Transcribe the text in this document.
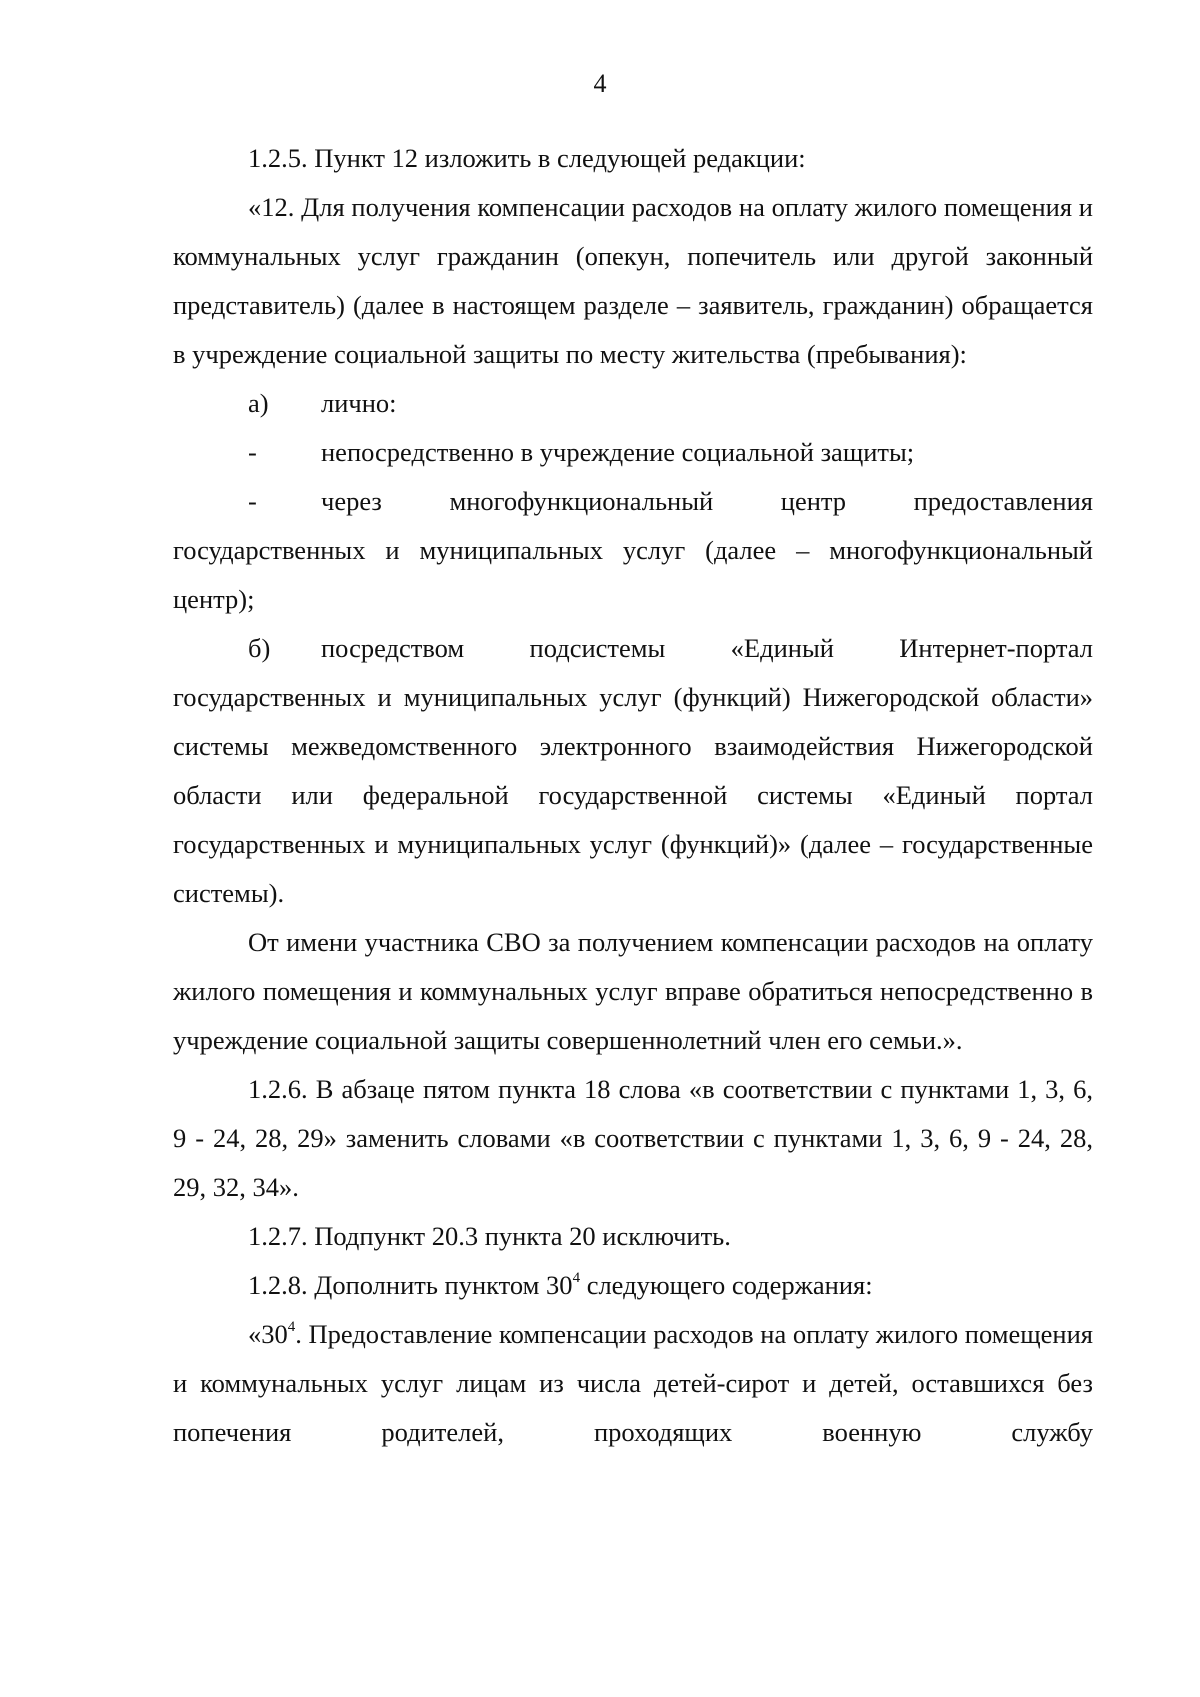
4

1.2.5. Пункт 12 изложить в следующей редакции:

«12. Для получения компенсации расходов на оплату жилого помещения и коммунальных услуг гражданин (опекун, попечитель или другой законный представитель) (далее в настоящем разделе – заявитель, гражданин) обращается в учреждение социальной защиты по месту жительства (пребывания):

а)	лично:
-	непосредственно в учреждение социальной защиты;
-	через многофункциональный центр предоставления
государственных и муниципальных услуг (далее – многофункциональный центр);
б)	посредством подсистемы «Единый Интернет-портал
государственных и муниципальных услуг (функций) Нижегородской области» системы межведомственного электронного взаимодействия Нижегородской области или федеральной государственной системы «Единый портал государственных и муниципальных услуг (функций)» (далее – государственные системы).

От имени участника СВО за получением компенсации расходов на оплату жилого помещения и коммунальных услуг вправе обратиться непосредственно в учреждение социальной защиты совершеннолетний член его семьи.».

1.2.6. В абзаце пятом пункта 18 слова «в соответствии с пунктами 1, 3, 6, 9 - 24, 28, 29» заменить словами «в соответствии с пунктами 1, 3, 6, 9 - 24, 28, 29, 32, 34».

1.2.7. Подпункт 20.3 пункта 20 исключить.

1.2.8. Дополнить пунктом $30^4$ следующего содержания:

«$30^4$. Предоставление компенсации расходов на оплату жилого помещения и коммунальных услуг лицам из числа детей-сирот и детей, оставшихся без попечения родителей, проходящих военную службу
